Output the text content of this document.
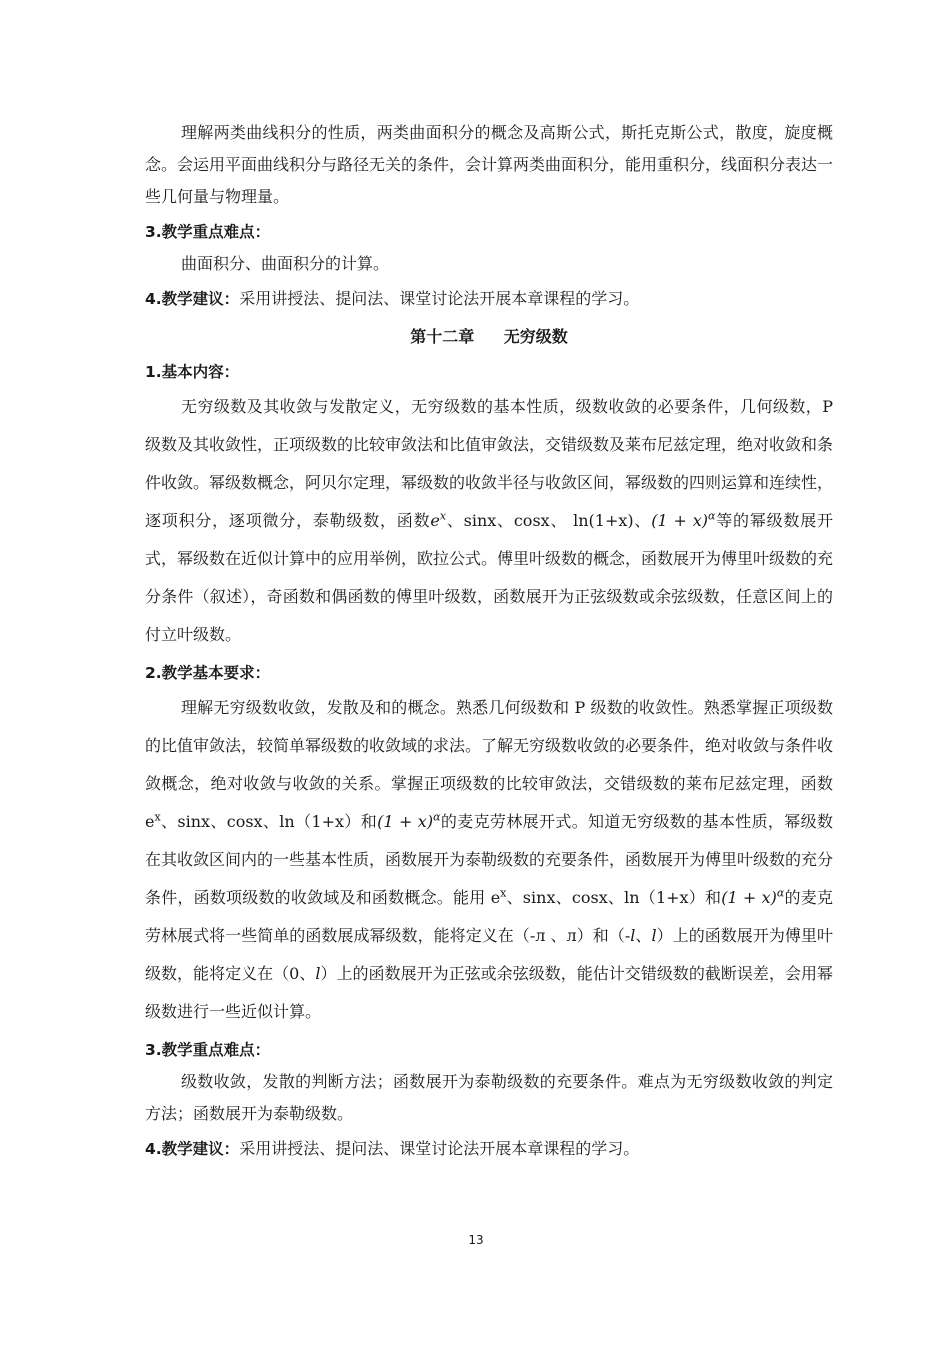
理解两类曲线积分的性质，两类曲面积分的概念及高斯公式，斯托克斯公式，散度，旋度概念。会运用平面曲线积分与路径无关的条件，会计算两类曲面积分，能用重积分，线面积分表达一些几何量与物理量。

3.教学重点难点：

曲面积分、曲面积分的计算。

4.教学建议：采用讲授法、提问法、课堂讨论法开展本章课程的学习。

第十二章 无穷级数

1.基本内容：

无穷级数及其收敛与发散定义，无穷级数的基本性质，级数收敛的必要条件，几何级数，P 级数及其收敛性，正项级数的比较审敛法和比值审敛法，交错级数及莱布尼兹定理，绝对收敛和条件收敛。幂级数概念，阿贝尔定理，幂级数的收敛半径与收敛区间，幂级数的四则运算和连续性，逐项积分，逐项微分，泰勒级数，函数$e^x$、sinx、cosx、 ln(1+x)、$(1 + x)^\alpha$等的幂级数展开式，幂级数在近似计算中的应用举例，欧拉公式。傅里叶级数的概念，函数展开为傅里叶级数的充分条件（叙述），奇函数和偶函数的傅里叶级数，函数展开为正弦级数或余弦级数，任意区间上的付立叶级数。

2.教学基本要求：

理解无穷级数收敛，发散及和的概念。熟悉几何级数和 P 级数的收敛性。熟悉掌握正项级数的比值审敛法，较简单幂级数的收敛域的求法。了解无穷级数收敛的必要条件，绝对收敛与条件收敛概念，绝对收敛与收敛的关系。掌握正项级数的比较审敛法，交错级数的莱布尼兹定理，函数 $e^x$、sinx、cosx、ln（1+x）和$(1 + x)^\alpha$的麦克劳林展开式。知道无穷级数的基本性质，幂级数在其收敛区间内的一些基本性质，函数展开为泰勒级数的充要条件，函数展开为傅里叶级数的充分条件，函数项级数的收敛域及和函数概念。能用 $e^x$、sinx、cosx、ln（1+x）和$(1 + x)^\alpha$的麦克劳林展式将一些简单的函数展成幂级数，能将定义在（-л 、л）和（-l、l）上的函数展开为傅里叶级数，能将定义在（0、l）上的函数展开为正弦或余弦级数，能估计交错级数的截断误差，会用幂级数进行一些近似计算。

3.教学重点难点：

级数收敛，发散的判断方法；函数展开为泰勒级数的充要条件。难点为无穷级数收敛的判定方法；函数展开为泰勒级数。

4.教学建议：采用讲授法、提问法、课堂讨论法开展本章课程的学习。

13
